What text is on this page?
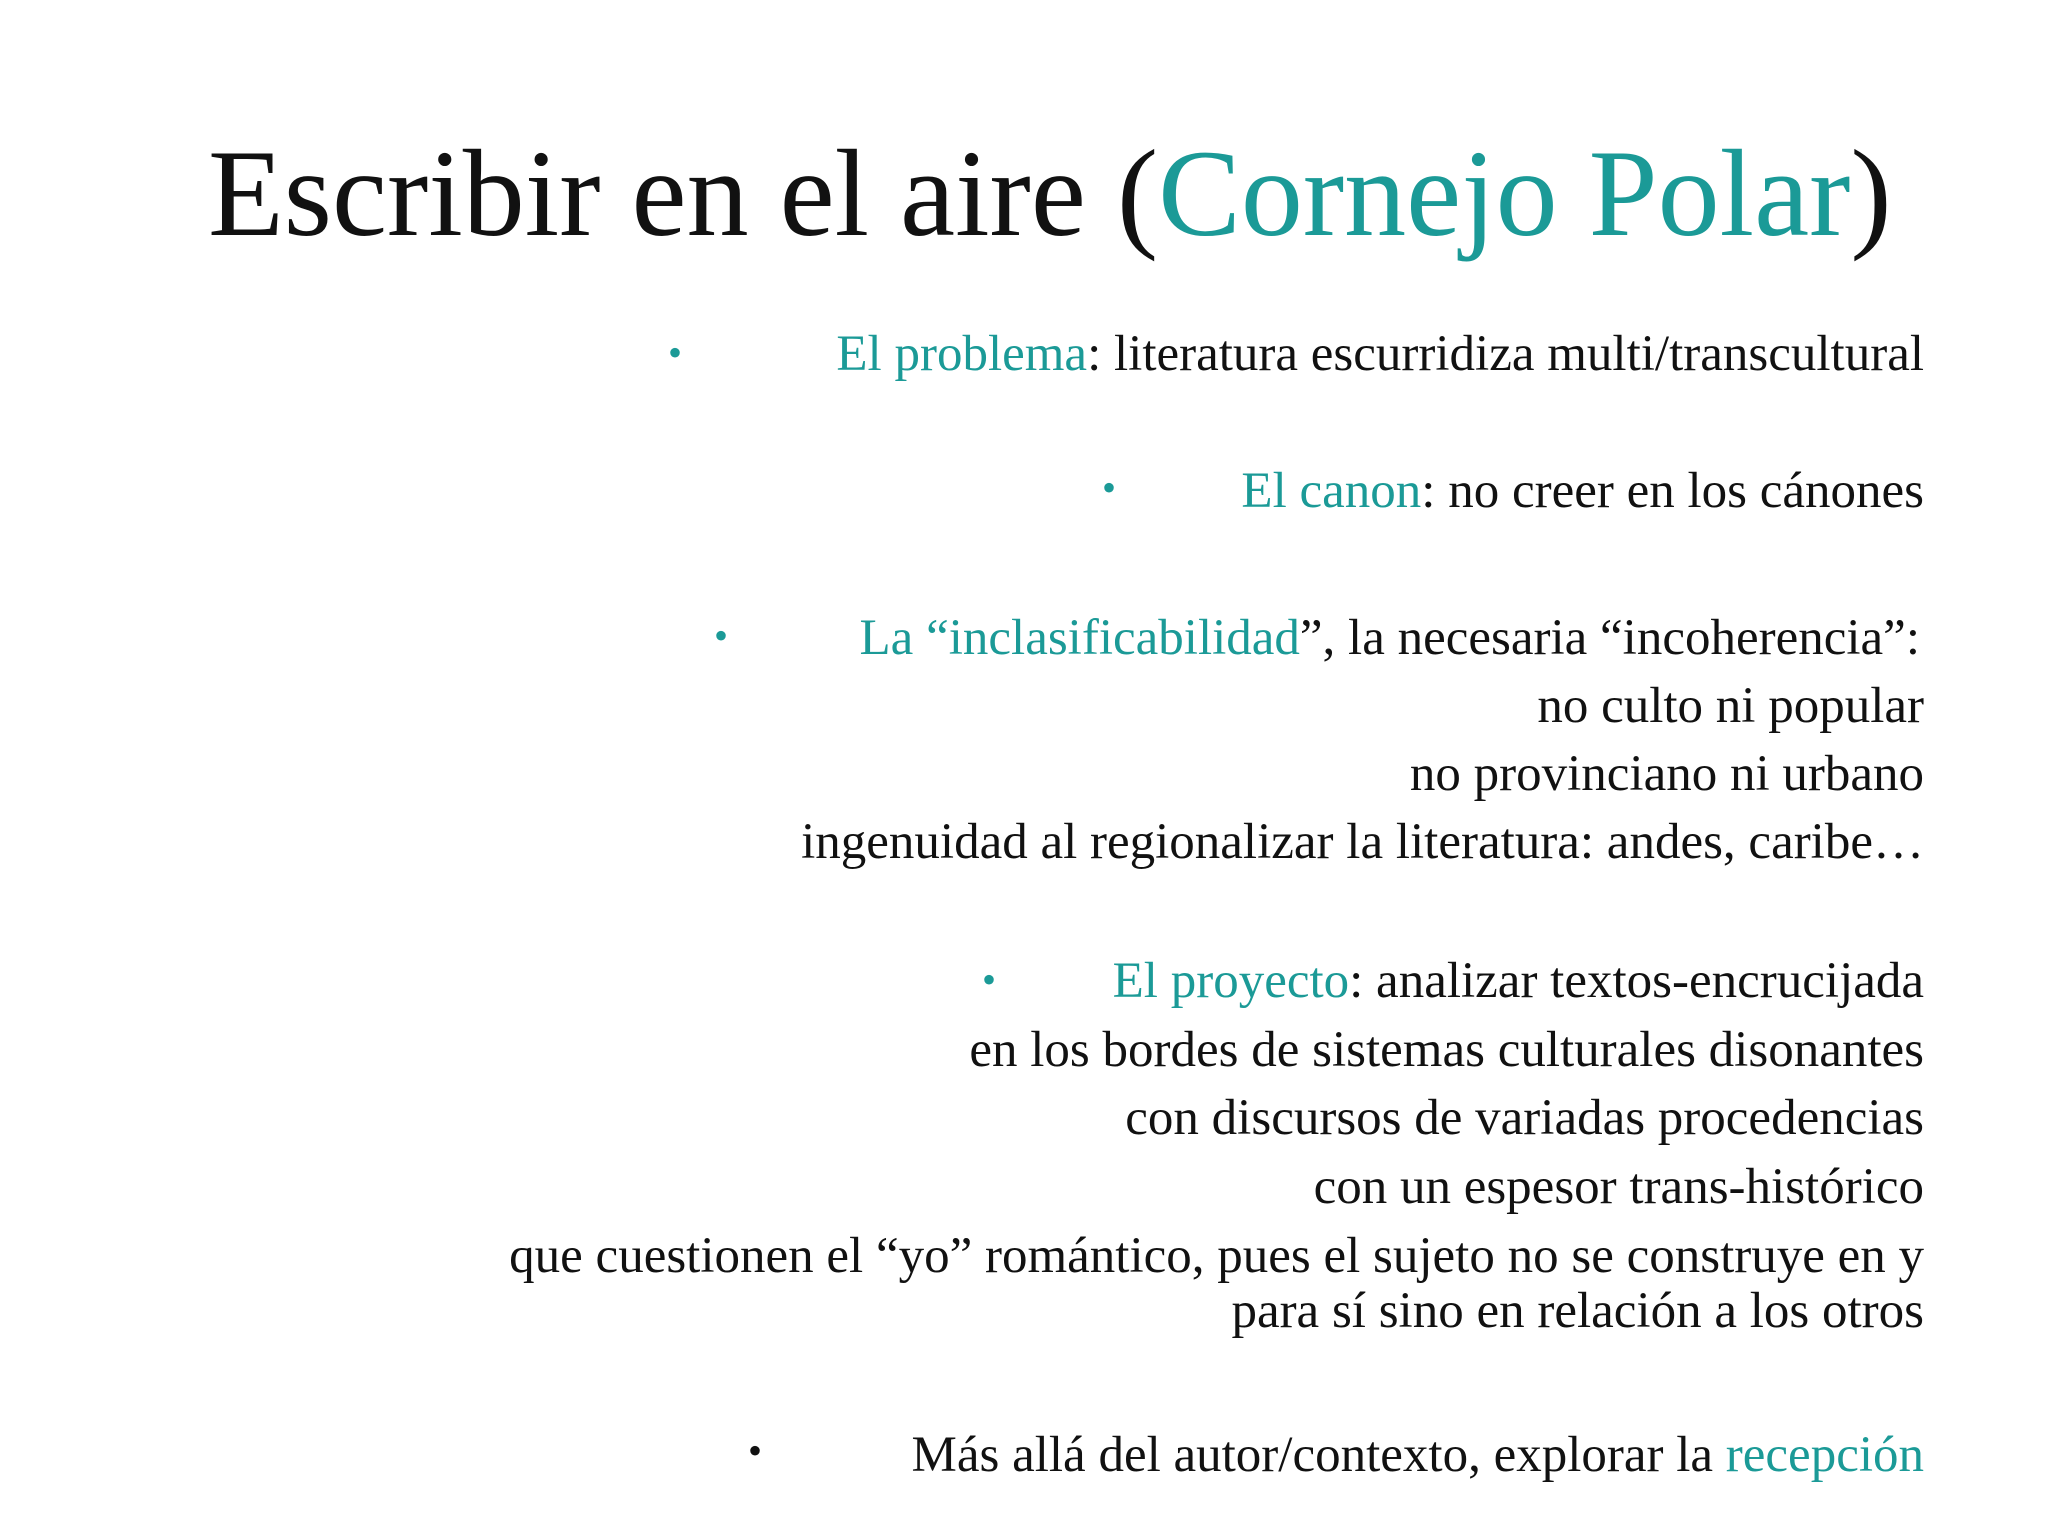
Escribir en el aire (Cornejo Polar)
•	El problema: literatura escurridiza multi/transcultural
• El canon: no creer en los cánones
•	La “inclasificabilidad”, la necesaria “incoherencia”:
no culto ni popular
no provinciano ni urbano
ingenuidad al regionalizar la literatura: andes, caribe…
• El proyecto: analizar textos-encrucijada
en los bordes de sistemas culturales disonantes
con discursos de variadas procedencias
con un espesor trans-histórico
que cuestionen el “yo” romántico, pues el sujeto no se construye en y
para sí sino en relación a los otros
•	Más allá del autor/contexto, explorar la recepción
